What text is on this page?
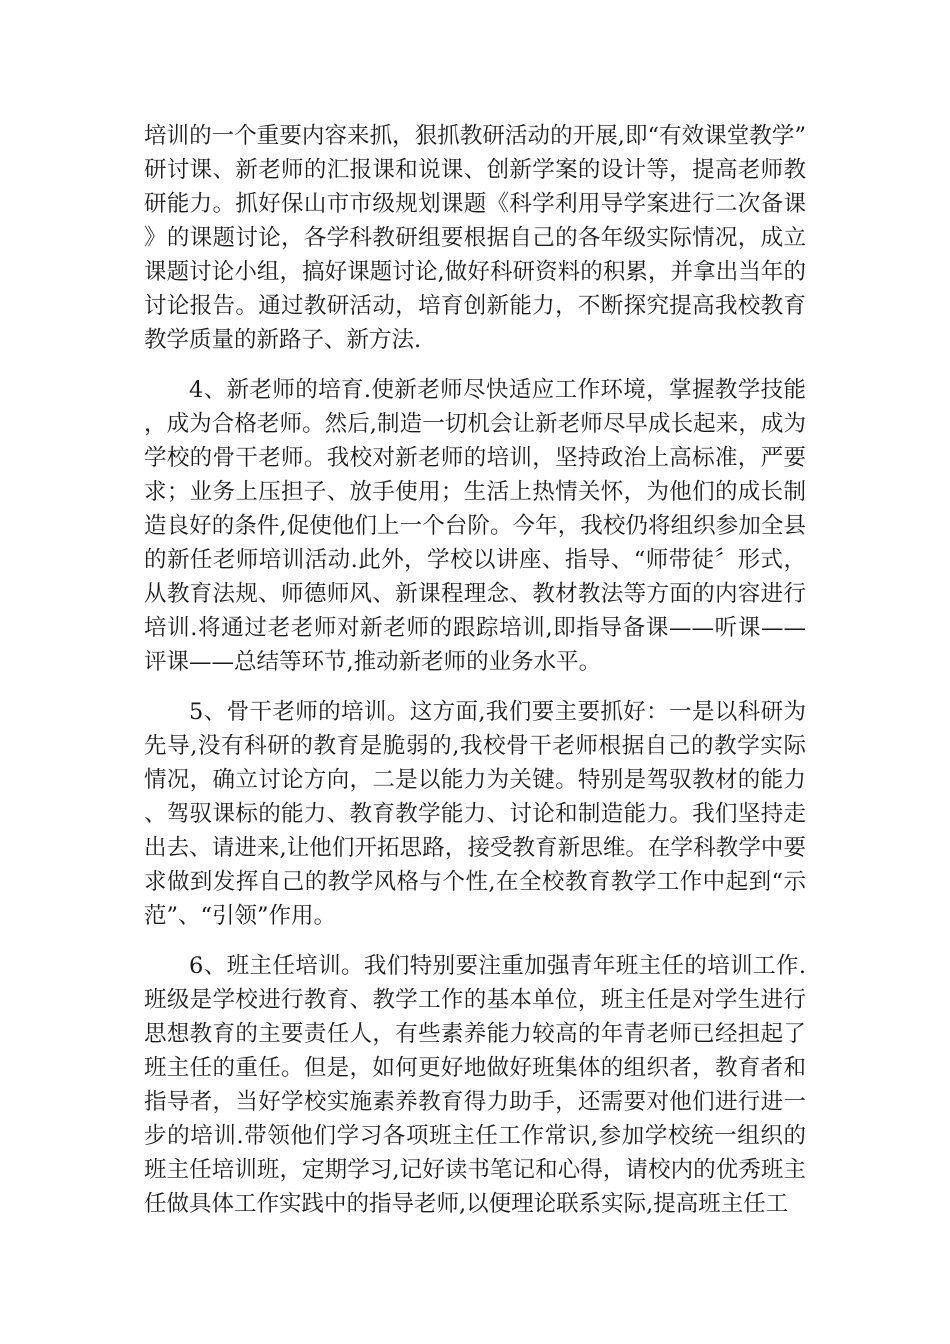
培训的一个重要内容来抓，狠抓教研活动的开展,即“有效课堂教学”研讨课、新老师的汇报课和说课、创新学案的设计等，提高老师教研能力。抓好保山市市级规划课题《科学利用导学案进行二次备课》的课题讨论，各学科教研组要根据自己的各年级实际情况，成立课题讨论小组，搞好课题讨论,做好科研资料的积累，并拿出当年的讨论报告。通过教研活动，培育创新能力，不断探究提高我校教育教学质量的新路子、新方法.

4、新老师的培育.使新老师尽快适应工作环境，掌握教学技能，成为合格老师。然后,制造一切机会让新老师尽早成长起来，成为学校的骨干老师。我校对新老师的培训，坚持政治上高标准，严要求；业务上压担子、放手使用；生活上热情关怀，为他们的成长制造良好的条件,促使他们上一个台阶。今年，我校仍将组织参加全县的新任老师培训活动.此外，学校以讲座、指导、“师带徒〞形式，从教育法规、师德师风、新课程理念、教材教法等方面的内容进行培训.将通过老老师对新老师的跟踪培训,即指导备课——听课——评课——总结等环节,推动新老师的业务水平。

5、骨干老师的培训。这方面,我们要主要抓好：一是以科研为先导,没有科研的教育是脆弱的,我校骨干老师根据自己的教学实际情况，确立讨论方向，二是以能力为关键。特别是驾驭教材的能力、驾驭课标的能力、教育教学能力、讨论和制造能力。我们坚持走出去、请进来,让他们开拓思路，接受教育新思维。在学科教学中要求做到发挥自己的教学风格与个性,在全校教育教学工作中起到“示范”、“引领”作用。

6、班主任培训。我们特别要注重加强青年班主任的培训工作.班级是学校进行教育、教学工作的基本单位，班主任是对学生进行思想教育的主要责任人，有些素养能力较高的年青老师已经担起了班主任的重任。但是，如何更好地做好班集体的组织者，教育者和指导者，当好学校实施素养教育得力助手，还需要对他们进行进一步的培训.带领他们学习各项班主任工作常识,参加学校统一组织的班主任培训班，定期学习,记好读书笔记和心得，请校内的优秀班主任做具体工作实践中的指导老师,以便理论联系实际,提高班主任工
